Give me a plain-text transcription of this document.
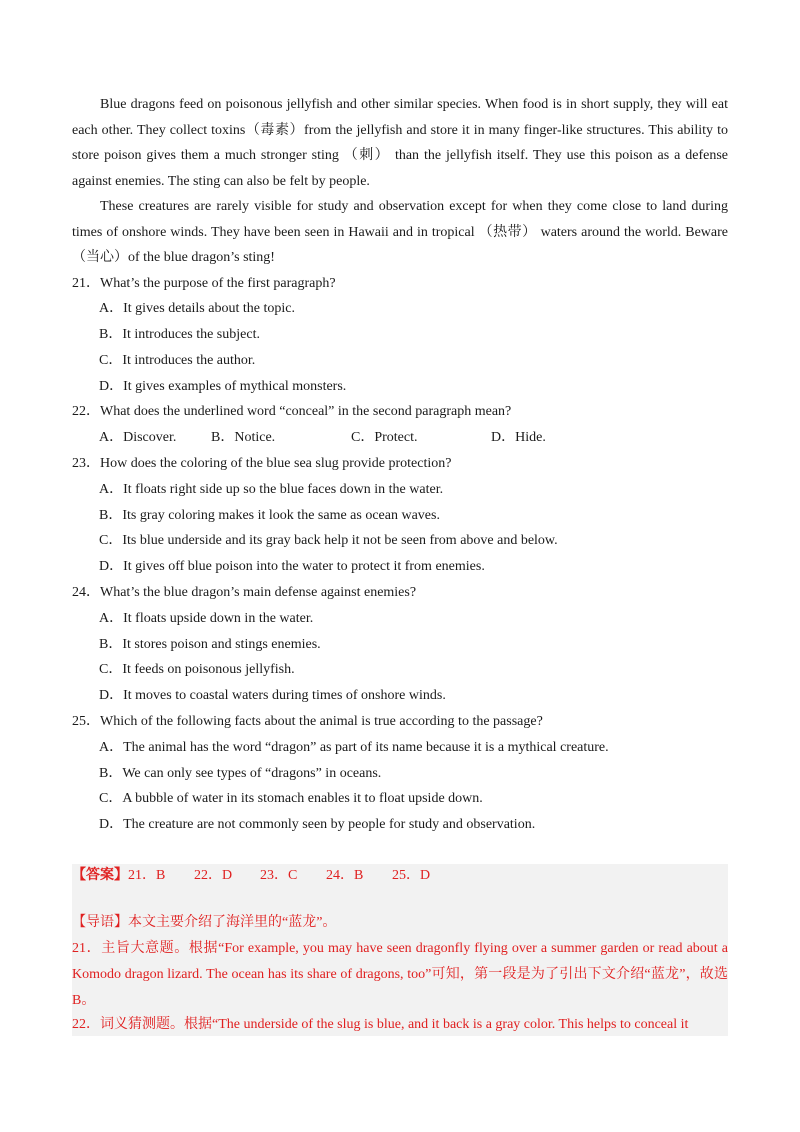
Blue dragons feed on poisonous jellyfish and other similar species. When food is in short supply, they will eat each other. They collect toxins（毒素）from the jellyfish and store it in many finger-like structures. This ability to store poison gives them a much stronger sting （刺） than the jellyfish itself. They use this poison as a defense against enemies. The sting can also be felt by people.

These creatures are rarely visible for study and observation except for when they come close to land during times of onshore winds. They have been seen in Hawaii and in tropical （热带） waters around the world. Beware （当心）of the blue dragon’s sting!

21．What’s the purpose of the first paragraph?

A．It gives details about the topic.

B．It introduces the subject.

C．It introduces the author.

D．It gives examples of mythical monsters.

22．What does the underlined word “conceal” in the second paragraph mean?

A．Discover.	B．Notice.	C．Protect.	D．Hide.

23．How does the coloring of the blue sea slug provide protection?

A．It floats right side up so the blue faces down in the water.

B．Its gray coloring makes it look the same as ocean waves.

C．Its blue underside and its gray back help it not be seen from above and below.

D．It gives off blue poison into the water to protect it from enemies.

24．What’s the blue dragon’s main defense against enemies?

A．It floats upside down in the water.

B．It stores poison and stings enemies.

C．It feeds on poisonous jellyfish.

D．It moves to coastal waters during times of onshore winds.

25．Which of the following facts about the animal is true according to the passage?

A．The animal has the word “dragon” as part of its name because it is a mythical creature.

B．We can only see types of “dragons” in oceans.

C．A bubble of water in its stomach enables it to float upside down.

D．The creature are not commonly seen by people for study and observation.

【答案】21．B 22．D 23．C 24．B 25．D
【导语】本文主要介绍了海洋里的“蓝龙”。
21．主旨大意题。根据“For example, you may have seen dragonfly flying over a summer garden or read about a Komodo dragon lizard. The ocean has its share of dragons, too”可知，第一段是为了引出下文介绍“蓝龙”，故选B。
22．词义猜测题。根据“The underside of the slug is blue, and it back is a gray color. This helps to conceal it
